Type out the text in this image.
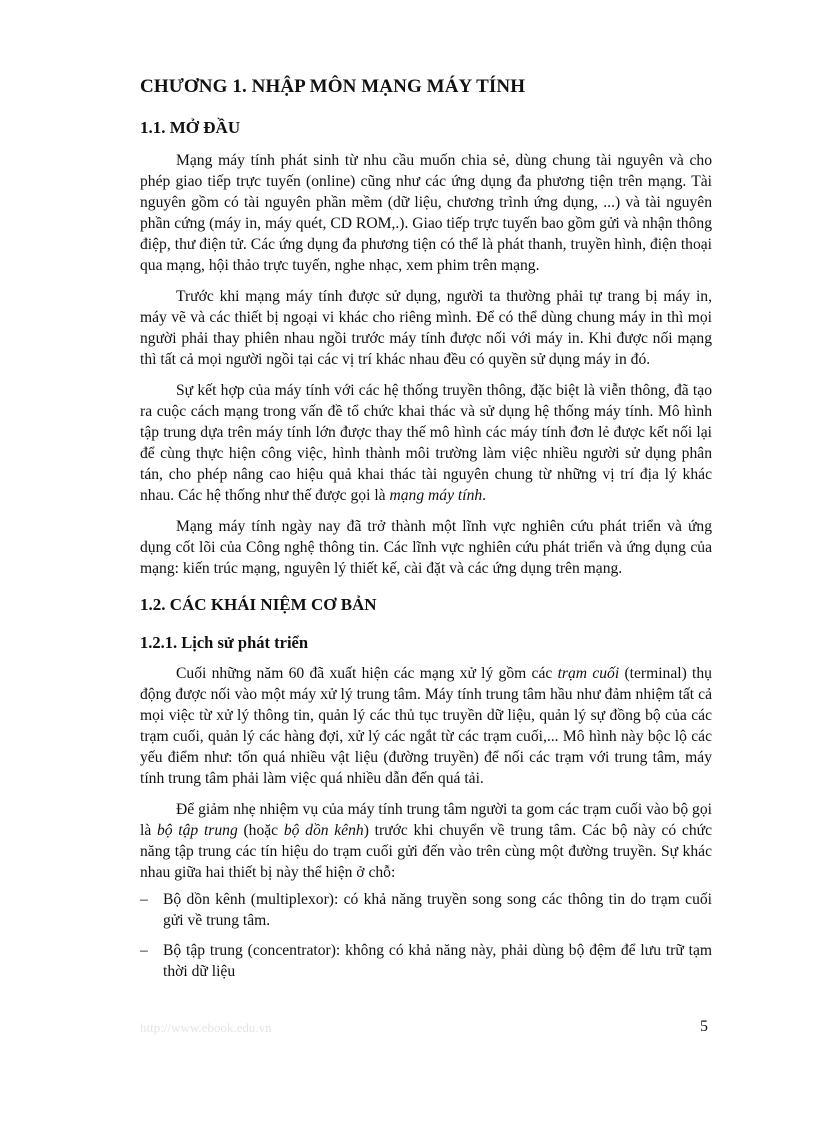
CHƯƠNG 1. NHẬP MÔN MẠNG MÁY TÍNH
1.1. MỞ ĐẦU

Mạng máy tính phát sinh từ nhu cầu muốn chia sẻ, dùng chung tài nguyên và cho phép giao tiếp trực tuyến (online) cũng như các ứng dụng đa phương tiện trên mạng. Tài nguyên gồm có tài nguyên phần mềm (dữ liệu, chương trình ứng dụng, ...) và tài nguyên phần cứng (máy in, máy quét, CD ROM,.). Giao tiếp trực tuyến bao gồm gửi và nhận thông điệp, thư điện tử. Các ứng dụng đa phương tiện có thể là phát thanh, truyền hình, điện thoại qua mạng, hội thảo trực tuyến, nghe nhạc, xem phim trên mạng.

Trước khi mạng máy tính được sử dụng, người ta thường phải tự trang bị máy in, máy vẽ và các thiết bị ngoại vi khác cho riêng mình. Để có thể dùng chung máy in thì mọi người phải thay phiên nhau ngồi trước máy tính được nối với máy in. Khi được nối mạng thì tất cả mọi người ngồi tại các vị trí khác nhau đều có quyền sử dụng máy in đó.

Sự kết hợp của máy tính với các hệ thống truyền thông, đặc biệt là viễn thông, đã tạo ra cuộc cách mạng trong vấn đề tổ chức khai thác và sử dụng hệ thống máy tính. Mô hình tập trung dựa trên máy tính lớn được thay thế mô hình các máy tính đơn lẻ được kết nối lại để cùng thực hiện công việc, hình thành môi trường làm việc nhiều người sử dụng phân tán, cho phép nâng cao hiệu quả khai thác tài nguyên chung từ những vị trí địa lý khác nhau. Các hệ thống như thế được gọi là mạng máy tính.

Mạng máy tính ngày nay đã trở thành một lĩnh vực nghiên cứu phát triển và ứng dụng cốt lõi của Công nghệ thông tin. Các lĩnh vực nghiên cứu phát triển và ứng dụng của mạng: kiến trúc mạng, nguyên lý thiết kế, cài đặt và các ứng dụng trên mạng.

1.2. CÁC KHÁI NIỆM CƠ BẢN
1.2.1. Lịch sử phát triển

Cuối những năm 60 đã xuất hiện các mạng xử lý gồm các trạm cuối (terminal) thụ động được nối vào một máy xử lý trung tâm. Máy tính trung tâm hầu như đảm nhiệm tất cả mọi việc từ xử lý thông tin, quản lý các thủ tục truyền dữ liệu, quản lý sự đồng bộ của các trạm cuối, quản lý các hàng đợi, xử lý các ngắt từ các trạm cuối,... Mô hình này bộc lộ các yếu điểm như: tốn quá nhiều vật liệu (đường truyền) để nối các trạm với trung tâm, máy tính trung tâm phải làm việc quá nhiều dẫn đến quá tải.

Để giảm nhẹ nhiệm vụ của máy tính trung tâm người ta gom các trạm cuối vào bộ gọi là bộ tập trung (hoặc bộ dồn kênh) trước khi chuyển về trung tâm. Các bộ này có chức năng tập trung các tín hiệu do trạm cuối gửi đến vào trên cùng một đường truyền. Sự khác nhau giữa hai thiết bị này thể hiện ở chỗ:

– Bộ dồn kênh (multiplexor): có khả năng truyền song song các thông tin do trạm cuối gửi về trung tâm.
– Bộ tập trung (concentrator): không có khả năng này, phải dùng bộ đệm để lưu trữ tạm thời dữ liệu
http://www.ebook.edu.vn	5
